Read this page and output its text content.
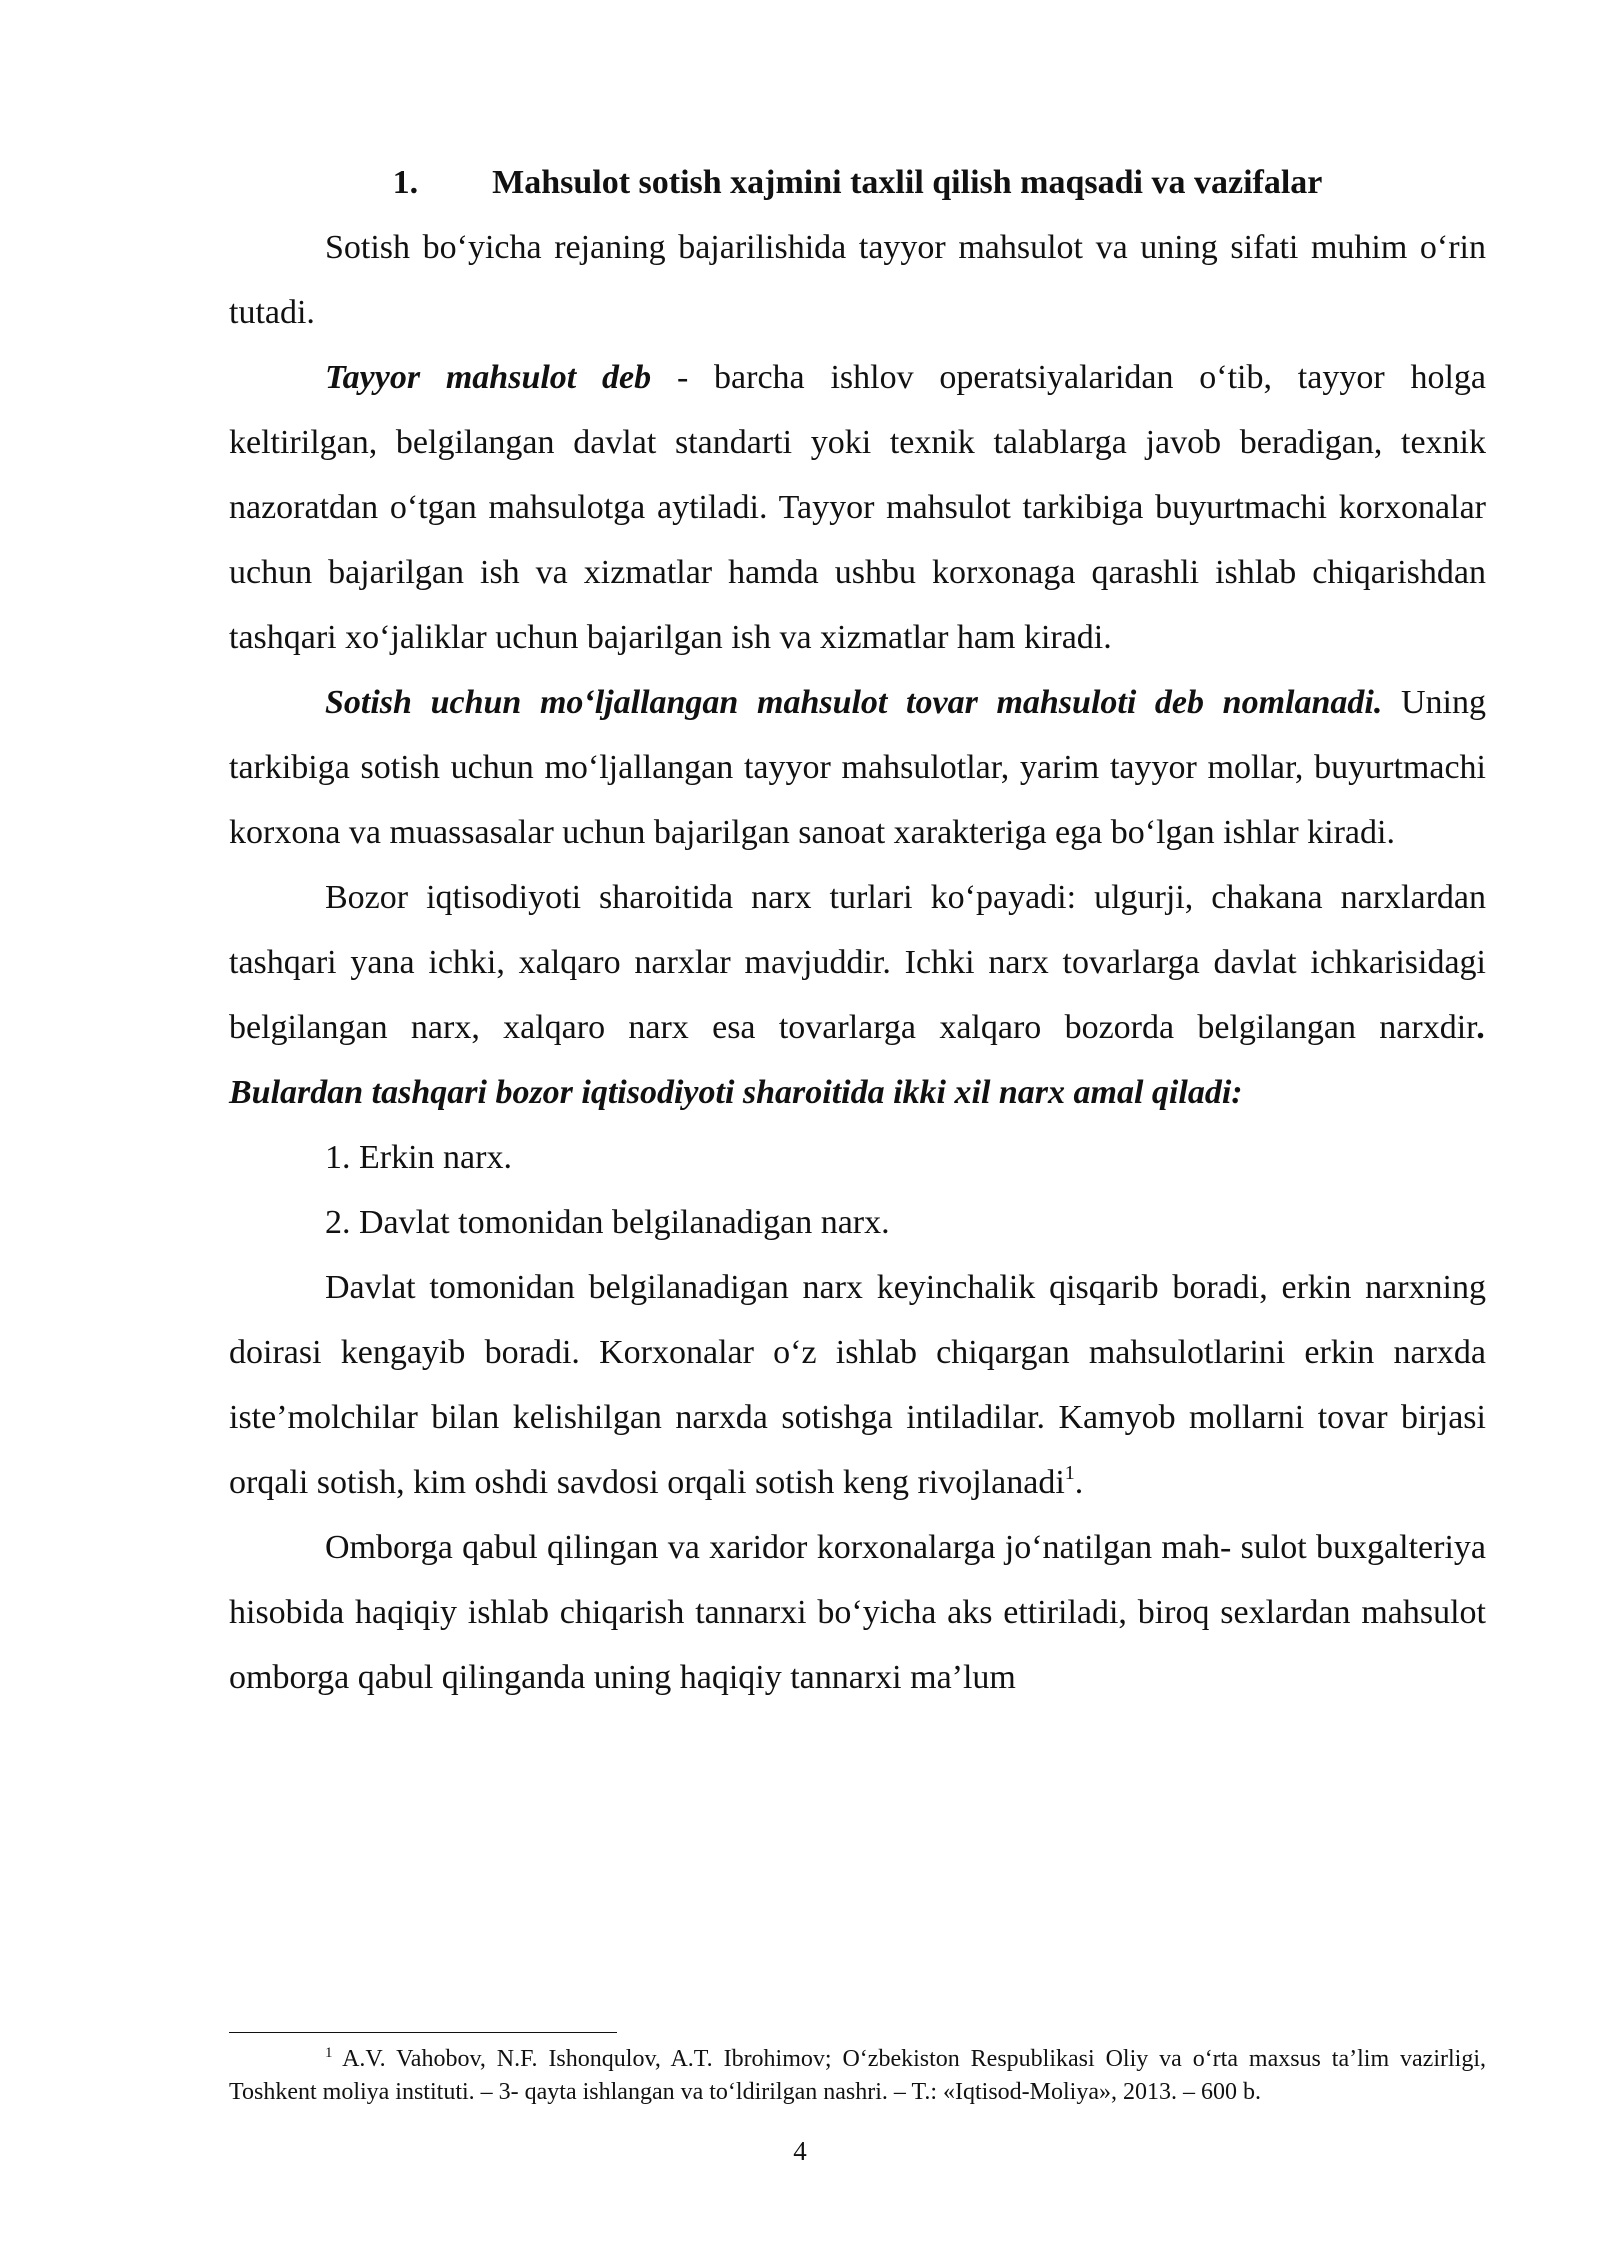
1. Mahsulot sotish xajmini taxlil qilish maqsadi va vazifalar

Sotish bo‘yicha rejaning bajarilishida tayyor mahsulot va uning sifati muhim o‘rin tutadi.

Tayyor mahsulot deb - barcha ishlov operatsiyalaridan o‘tib, tayyor holga keltirilgan, belgilangan davlat standarti yoki texnik talablarga javob beradigan, texnik nazoratdan o‘tgan mahsulotga aytiladi. Tayyor mahsulot tarkibiga buyurtmachi korxonalar uchun bajarilgan ish va xizmatlar hamda ushbu korxonaga qarashli ishlab chiqarishdan tashqari xo‘jaliklar uchun bajarilgan ish va xizmatlar ham kiradi.

Sotish uchun mo‘ljallangan mahsulot tovar mahsuloti deb nomlanadi. Uning tarkibiga sotish uchun mo‘ljallangan tayyor mahsulotlar, yarim tayyor mollar, buyurtmachi korxona va muassasalar uchun bajarilgan sanoat xarakteriga ega bo‘lgan ishlar kiradi.

Bozor iqtisodiyoti sharoitida narx turlari ko‘payadi: ulgurji, chakana narxlardan tashqari yana ichki, xalqaro narxlar mavjuddir. Ichki narx tovarlarga davlat ichkarisidagi belgilangan narx, xalqaro narx esa tovarlarga xalqaro bozorda belgilangan narxdir. Bulardan tashqari bozor iqtisodiyoti sharoitida ikki xil narx amal qiladi:

1. Erkin narx.

2. Davlat tomonidan belgilanadigan narx.

Davlat tomonidan belgilanadigan narx keyinchalik qisqarib boradi, erkin narxning doirasi kengayib boradi. Korxonalar o‘z ishlab chiqargan mahsulotlarini erkin narxda iste’molchilar bilan kelishilgan narxda sotishga intiladilar. Kamyob mollarni tovar birjasi orqali sotish, kim oshdi savdosi orqali sotish keng rivojlanadi$^1$.

Omborga qabul qilingan va xaridor korxonalarga jo‘natilgan mah- sulot buxgalteriya hisobida haqiqiy ishlab chiqarish tannarxi bo‘yicha aks ettiriladi, biroq sexlardan mahsulot omborga qabul qilinganda uning haqiqiy tannarxi ma’lum

$^1$ A.V. Vahobov, N.F. Ishonqulov, A.T. Ibrohimov; O‘zbekiston Respublikasi Oliy va o‘rta maxsus ta’lim vazirligi, Toshkent moliya instituti. – 3- qayta ishlangan va to‘ldirilgan nashri. – T.: «Iqtisod-Moliya», 2013. – 600 b.

4
